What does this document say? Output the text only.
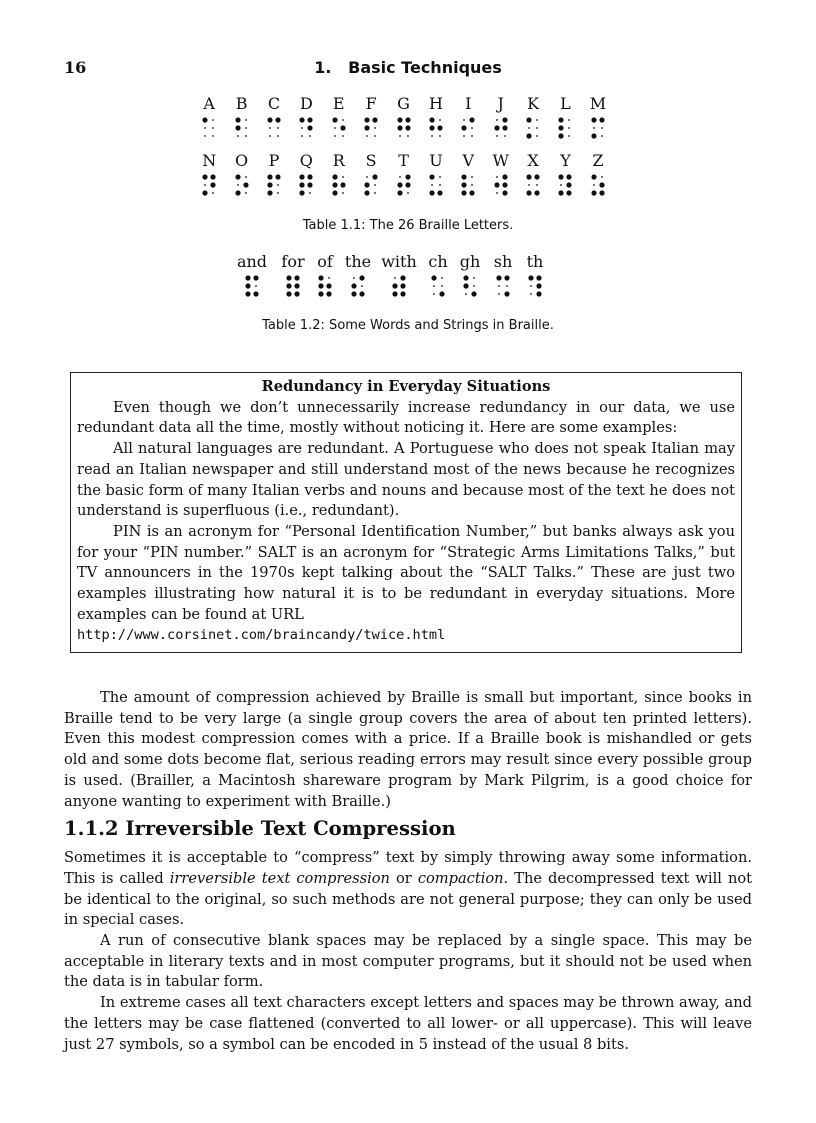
16	1.   Basic Techniques
A B C D E F G H I J K L M
N O P Q R S T U V W X Y Z
Table 1.1: The 26 Braille Letters.
and for of the with ch gh sh th
Table 1.2: Some Words and Strings in Braille.
Redundancy in Everyday Situations

Even though we don’t unnecessarily increase redundancy in our data, we use redundant data all the time, mostly without noticing it. Here are some examples:

All natural languages are redundant. A Portuguese who does not speak Italian may read an Italian newspaper and still understand most of the news because he recognizes the basic form of many Italian verbs and nouns and because most of the text he does not understand is superfluous (i.e., redundant).

PIN is an acronym for “Personal Identification Number,” but banks always ask you for your “PIN number.” SALT is an acronym for “Strategic Arms Limitations Talks,” but TV announcers in the 1970s kept talking about the “SALT Talks.” These are just two examples illustrating how natural it is to be redundant in everyday situations. More examples can be found at URL

http://www.corsinet.com/braincandy/twice.html

The amount of compression achieved by Braille is small but important, since books in Braille tend to be very large (a single group covers the area of about ten printed letters). Even this modest compression comes with a price. If a Braille book is mishandled or gets old and some dots become flat, serious reading errors may result since every possible group is used. (Brailler, a Macintosh shareware program by Mark Pilgrim, is a good choice for anyone wanting to experiment with Braille.)

1.1.2 Irreversible Text Compression

Sometimes it is acceptable to “compress” text by simply throwing away some information. This is called irreversible text compression or compaction. The decompressed text will not be identical to the original, so such methods are not general purpose; they can only be used in special cases.

A run of consecutive blank spaces may be replaced by a single space. This may be acceptable in literary texts and in most computer programs, but it should not be used when the data is in tabular form.

In extreme cases all text characters except letters and spaces may be thrown away, and the letters may be case flattened (converted to all lower- or all uppercase). This will leave just 27 symbols, so a symbol can be encoded in 5 instead of the usual 8 bits.
